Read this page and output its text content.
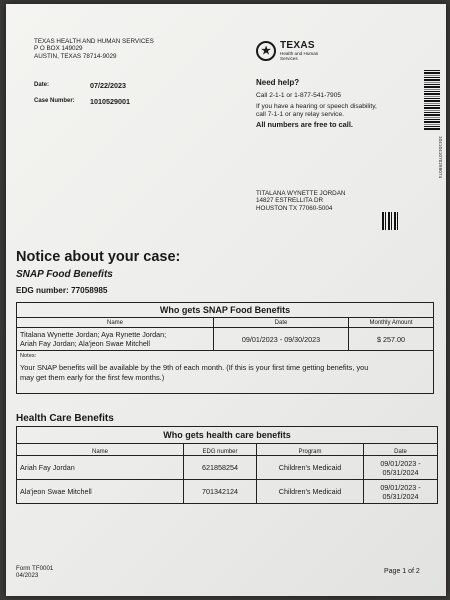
TEXAS HEALTH AND HUMAN SERVICES
P O BOX 149029
AUSTIN, TEXAS 78714-9029	★ TEXAS
Health and Human
Services
1041041070288074
Date:	07/22/2023
Case Number: 1010529001
Need help?
Call 2-1-1 or 1-877-541-7905
If you have a hearing or speech disability,
call 7-1-1 or any relay service.
All numbers are free to call.
TITALANA WYNETTE JORDAN
14827 ESTRELLITA DR
HOUSTON TX 77060-5004
Notice about your case:
SNAP Food Benefits
EDG number: 77058985
Who gets SNAP Food Benefits		
Name	Date	Monthly Amount

Titalana Wynette Jordan; Aya Rynette Jordan;
Ariah Fay Jordan; Ala'jeon Swae Mitchell	09/01/2023 - 09/30/2023	$ 257.00

Notes:
Your SNAP benefits will be available by the 9th of each month. (If this is your first time getting benefits, you
may get them early for the first few months.)		
Health Care Benefits
Who gets health care benefits			
Name	EDG number	Program	Date
Ariah Fay Jordan	621858254	Children's Medicaid	09/01/2023 -
05/31/2024

Ala'jeon Swae Mitchell	701342124	Children's Medicaid	09/01/2023 -
05/31/2024
Form TF0001
04/2023
Page 1 of 2
